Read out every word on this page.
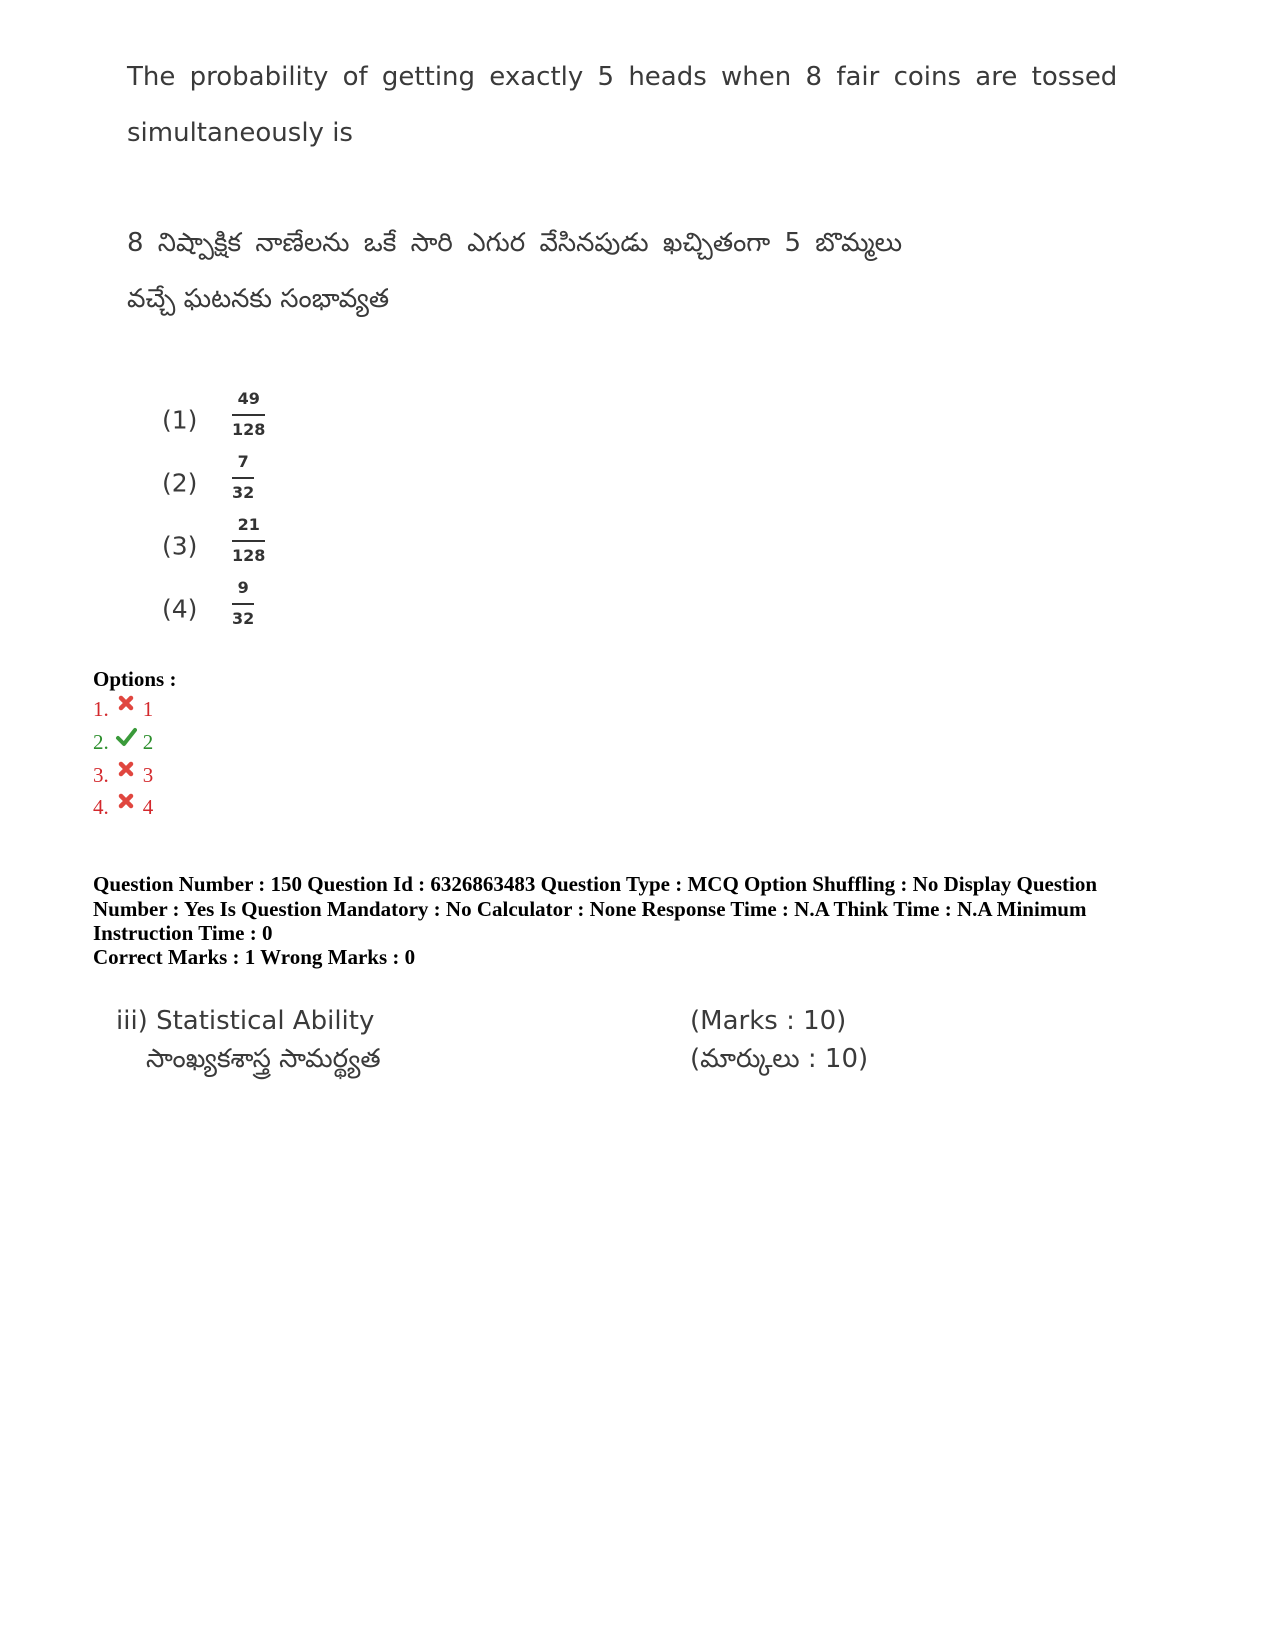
The probability of getting exactly 5 heads when 8 fair coins are tossed
simultaneously is
8 నిష్పాక్షిక నాణేలను ఒకే సారి ఎగుర వేసినపుడు ఖచ్చితంగా 5 బొమ్మలు
వచ్చే ఘటనకు సంభావ్యత
(1)
49
128
(2)
7
32
(3)
21
128
(4)
9
32
Options :
1. 1
2. 2
3. 3
4. 4
Question Number : 150 Question Id : 6326863483 Question Type : MCQ Option Shuffling : No Display Question Number : Yes Is Question Mandatory : No Calculator : None Response Time : N.A Think Time : N.A Minimum Instruction Time : 0
Correct Marks : 1 Wrong Marks : 0
iii) Statistical Ability	(Marks : 10)
సాంఖ్యకశాస్త్ర సామర్థ్యత	(మార్కులు : 10)
